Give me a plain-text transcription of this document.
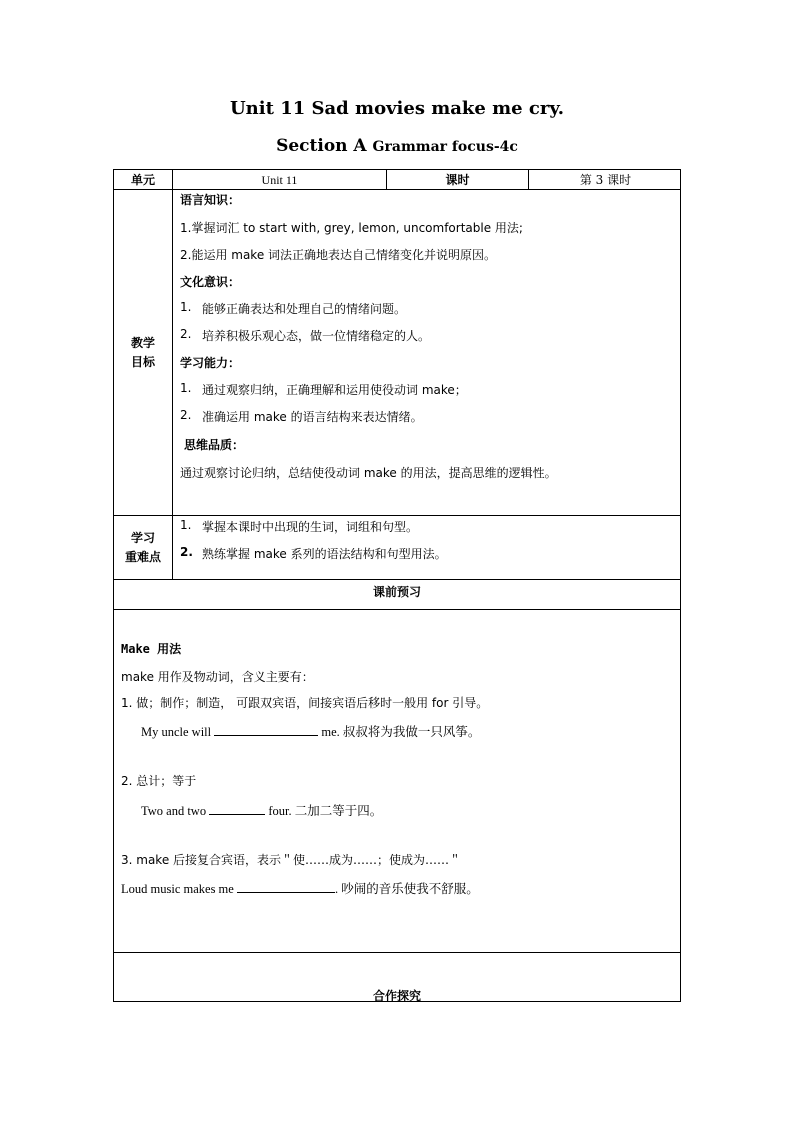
Unit 11 Sad movies make me cry.
Section A Grammar focus-4c
单元	Unit 11	课时	第 3 课时
教学
目标
语言知识：
1.掌握词汇 to start with, grey, lemon, uncomfortable 用法;
2.能运用 make 词法正确地表达自己情绪变化并说明原因。
文化意识：
1. 能够正确表达和处理自己的情绪问题。
2. 培养积极乐观心态，做一位情绪稳定的人。
学习能力：
1. 通过观察归纳，正确理解和运用使役动词 make；
2. 准确运用 make 的语言结构来表达情绪。
思维品质：
通过观察讨论归纳，总结使役动词 make 的用法，提高思维的逻辑性。
学习
重难点
1. 掌握本课时中出现的生词，词组和句型。
2. 熟练掌握 make 系列的语法结构和句型用法。
课前预习
Make 用法
make 用作及物动词，含义主要有：
1. 做；制作；制造， 可跟双宾语，间接宾语后移时一般用 for 引导。
My uncle will	me. 叔叔将为我做一只风筝。
2. 总计；等于
Two and two	four. 二加二等于四。
3. make 后接复合宾语，表示＂使……成为……；使成为……＂
Loud music makes me	. 吵闹的音乐使我不舒服。
合作探究
